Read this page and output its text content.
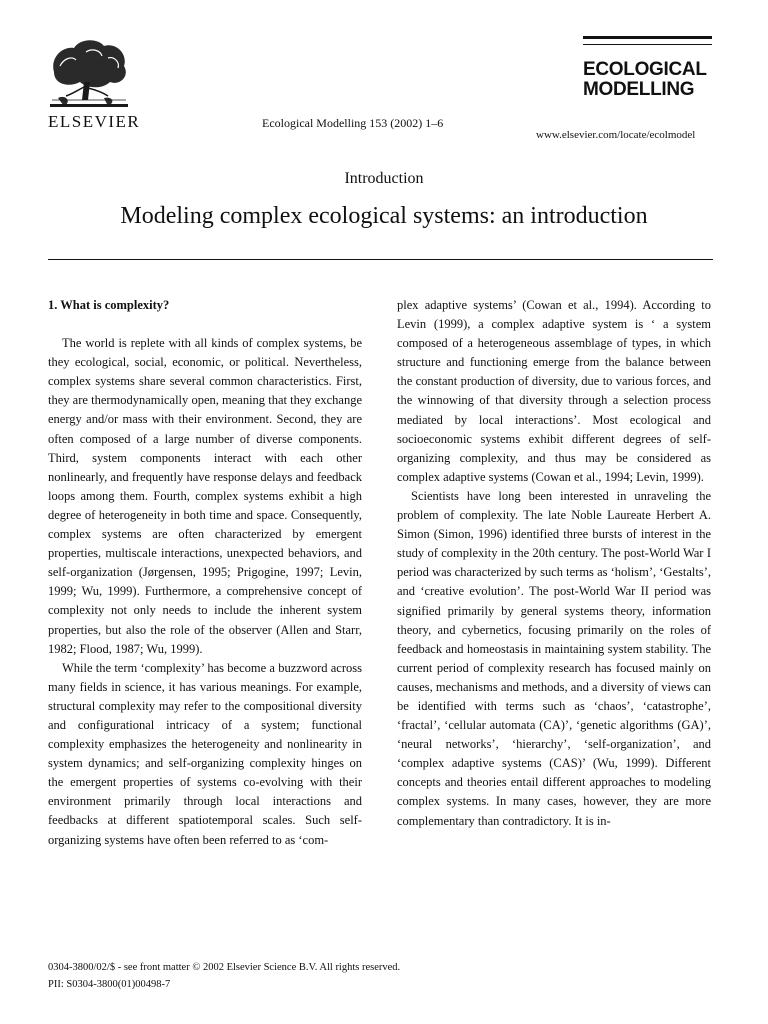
ELSEVIER	Ecological Modelling 153 (2002) 1–6
ECOLOGICAL
MODELLING
www.elsevier.com/locate/ecolmodel
Introduction
Modeling complex ecological systems: an introduction
1. What is complexity?

The world is replete with all kinds of complex systems, be they ecological, social, economic, or political. Nevertheless, complex systems share several common characteristics. First, they are thermodynamically open, meaning that they exchange energy and/or mass with their environment. Second, they are often composed of a large number of diverse components. Third, system components interact with each other nonlinearly, and frequently have response delays and feedback loops among them. Fourth, complex systems exhibit a high degree of heterogeneity in both time and space. Consequently, complex systems are often characterized by emergent properties, multiscale interactions, unexpected behaviors, and self-organization (Jørgensen, 1995; Prigogine, 1997; Levin, 1999; Wu, 1999). Furthermore, a comprehensive concept of complexity not only needs to include the inherent system properties, but also the role of the observer (Allen and Starr, 1982; Flood, 1987; Wu, 1999).

While the term ‘complexity’ has become a buzzword across many fields in science, it has various meanings. For example, structural complexity may refer to the compositional diversity and configurational intricacy of a system; functional complexity emphasizes the heterogeneity and nonlinearity in system dynamics; and self-organizing complexity hinges on the emergent properties of systems co-evolving with their environment primarily through local interactions and feedbacks at different spatiotemporal scales. Such self-organizing systems have often been referred to as ‘com-

plex adaptive systems’ (Cowan et al., 1994). According to Levin (1999), a complex adaptive system is ‘ a system composed of a heterogeneous assemblage of types, in which structure and functioning emerge from the balance between the constant production of diversity, due to various forces, and the winnowing of that diversity through a selection process mediated by local interactions’. Most ecological and socioeconomic systems exhibit different degrees of self-organizing complexity, and thus may be considered as complex adaptive systems (Cowan et al., 1994; Levin, 1999).

Scientists have long been interested in unraveling the problem of complexity. The late Noble Laureate Herbert A. Simon (Simon, 1996) identified three bursts of interest in the study of complexity in the 20th century. The post-World War I period was characterized by such terms as ‘holism’, ‘Gestalts’, and ‘creative evolution’. The post-World War II period was signified primarily by general systems theory, information theory, and cybernetics, focusing primarily on the roles of feedback and homeostasis in maintaining system stability. The current period of complexity research has focused mainly on causes, mechanisms and methods, and a diversity of views can be identified with terms such as ‘chaos’, ‘catastrophe’, ‘fractal’, ‘cellular automata (CA)’, ‘genetic algorithms (GA)’, ‘neural networks’, ‘hierarchy’, ‘self-organization’, and ‘complex adaptive systems (CAS)’ (Wu, 1999). Different concepts and theories entail different approaches to modeling complex systems. In many cases, however, they are more complementary than contradictory. It is in-

0304-3800/02/$ - see front matter © 2002 Elsevier Science B.V. All rights reserved.
PII: S0304-3800(01)00498-7
